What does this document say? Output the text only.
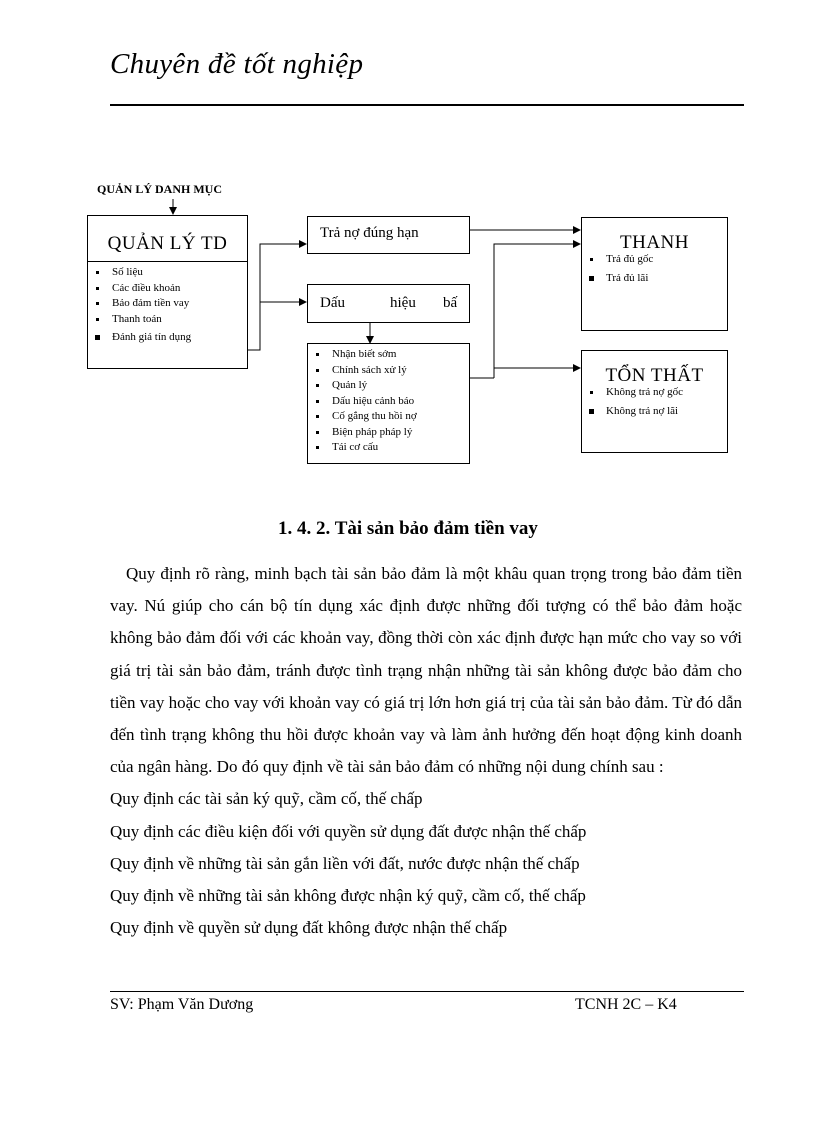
Chuyên đề tốt nghiệp
QUẢN LÝ DANH MỤC
QUẢN LÝ TD
Số liệu
Các điều khoản
Bảo đảm tiền vay
Thanh toán
Đánh giá tín dụng
Trả nợ đúng hạn
Dấu	hiệu bấ
Nhận biết sớm
Chính sách xử lý
Quản lý
Dấu hiệu cảnh báo
Cố gắng thu hồi nợ
Biện pháp pháp lý
Tái cơ cấu
THANH
Trả đủ gốc
Trả đủ lãi
TỔN THẤT
Không trả nợ gốc
Không trả nợ lãi
1. 4. 2. Tài sản bảo đảm tiền vay

Quy định rõ ràng, minh bạch tài sản bảo đảm là một khâu quan trọng trong bảo đảm tiền vay. Nú giúp cho cán bộ tín dụng xác định được những đối tượng có thể bảo đảm hoặc không bảo đảm đối với các khoản vay, đồng thời còn xác định được hạn mức cho vay so với giá trị tài sản bảo đảm, tránh được tình trạng nhận những tài sản không được bảo đảm cho tiền vay hoặc cho vay với khoản vay có giá trị lớn hơn giá trị của tài sản bảo đảm. Từ đó dẫn đến tình trạng không thu hồi được khoản vay và làm ảnh hưởng đến hoạt động kinh doanh của ngân hàng. Do đó quy định về tài sản bảo đảm có những nội dung chính sau :

Quy định các tài sản ký quỹ, cầm cố, thế chấp
Quy định các điều kiện đối với quyền sử dụng đất được nhận thế chấp
Quy định về những tài sản gắn liền với đất, nước được nhận thế chấp
Quy định về những tài sản không được nhận ký quỹ, cầm cố, thế chấp
Quy định về quyền sử dụng đất không được nhận thế chấp
SV: Phạm Văn Dương	TCNH 2C – K4
